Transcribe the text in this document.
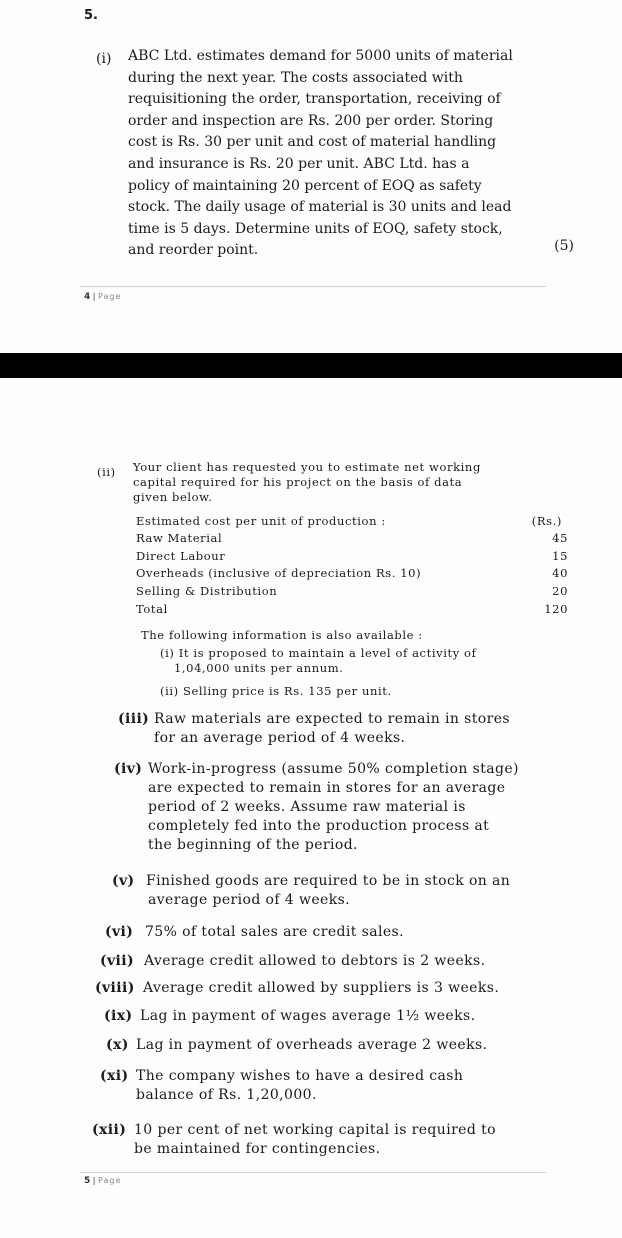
5.
(i) ABC Ltd. estimates demand for 5000 units of material
during the next year. The costs associated with
requisitioning the order, transportation, receiving of
order and inspection are Rs. 200 per order. Storing
cost is Rs. 30 per unit and cost of material handling
and insurance is Rs. 20 per unit. ABC Ltd. has a
policy of maintaining 20 percent of EOQ as safety
stock. The daily usage of material is 30 units and lead
time is 5 days. Determine units of EOQ, safety stock,
and reorder point.	(5)
4 | Page
(ii) Your client has requested you to estimate net working
capital required for his project on the basis of data
given below.
Estimated cost per unit of production :	(Rs.)
Raw Material	45
Direct Labour	15
Overheads (inclusive of depreciation Rs. 10)	40
Selling & Distribution	20
Total	120
The following information is also available :
(i) It is proposed to maintain a level of activity of
1,04,000 units per annum.
(ii) Selling price is Rs. 135 per unit.
(iii) Raw materials are expected to remain in stores
for an average period of 4 weeks.
(iv) Work-in-progress (assume 50% completion stage)
are expected to remain in stores for an average
period of 2 weeks. Assume raw material is
completely fed into the production process at
the beginning of the period.
(v) Finished goods are required to be in stock on an
average period of 4 weeks.
(vi) 75% of total sales are credit sales.
(vii) Average credit allowed to debtors is 2 weeks.
(viii) Average credit allowed by suppliers is 3 weeks.
(ix) Lag in payment of wages average 1½ weeks.
(x) Lag in payment of overheads average 2 weeks.
(xi) The company wishes to have a desired cash
balance of Rs. 1,20,000.
(xii) 10 per cent of net working capital is required to
be maintained for contingencies.
5 | Page
